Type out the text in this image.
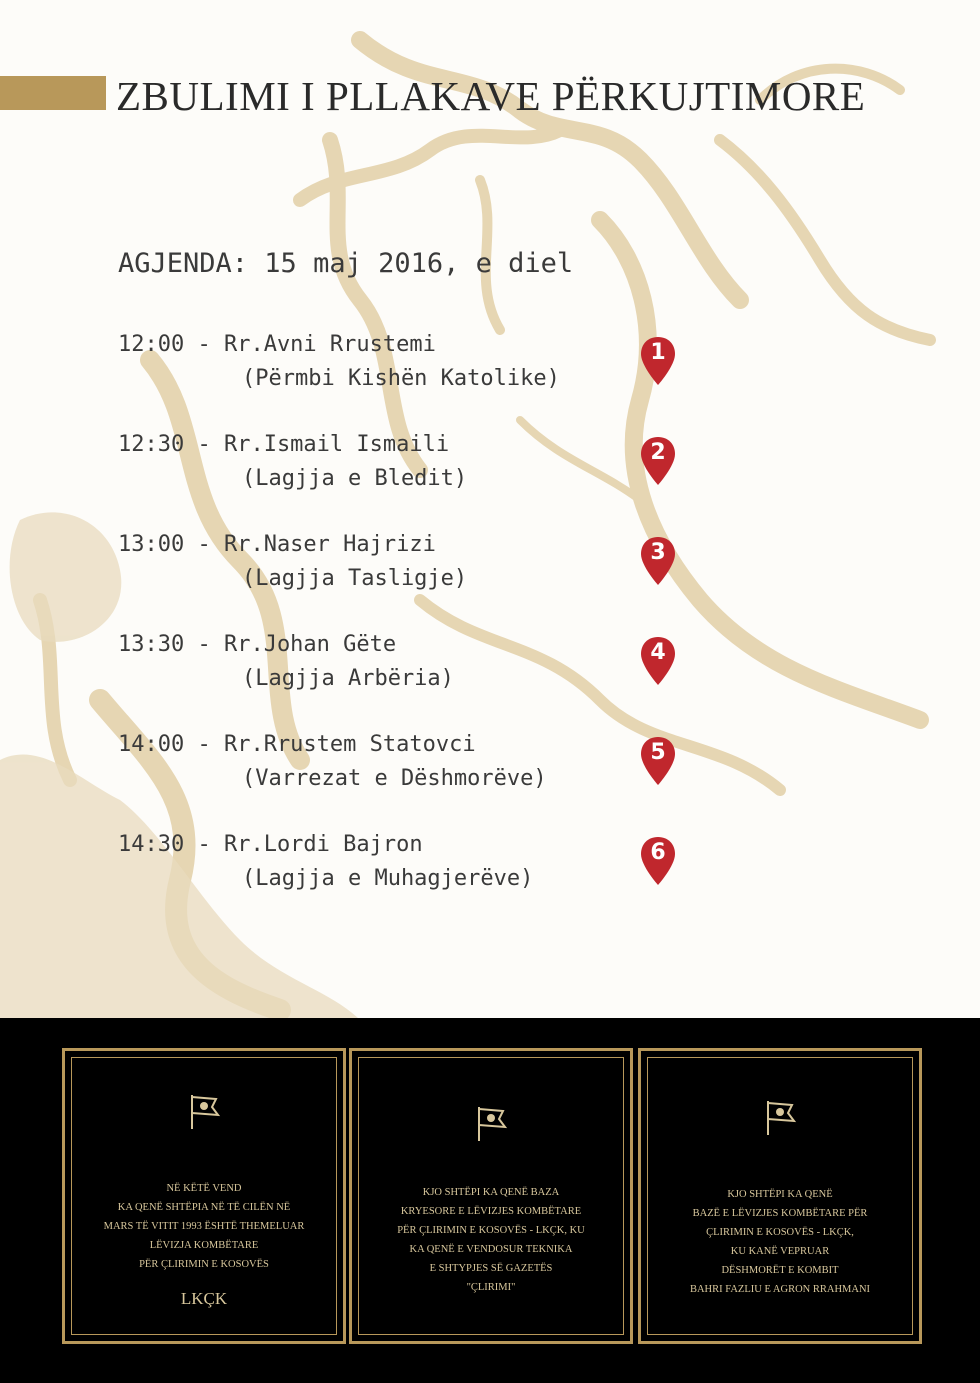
ZBULIMI I PLLAKAVE PËRKUJTIMORE
AGJENDA: 15 maj 2016, e diel
12:00 - Rr.Avni Rrustemi
(Përmbi Kishën Katolike)
1
12:30 - Rr.Ismail Ismaili
(Lagjja e Bledit)
2
13:00 - Rr.Naser Hajrizi
(Lagjja Tasligje)
3
13:30 - Rr.Johan Gëte
(Lagjja Arbëria)
4
14:00 - Rr.Rrustem Statovci
(Varrezat e Dëshmorëve)
5
14:30 - Rr.Lordi Bajron
(Lagjja e Muhagjerëve)
6
NË KËTË VEND
KA QENË SHTËPIA NË TË CILËN NË
MARS TË VITIT 1993 ËSHTË THEMELUAR
LËVIZJA KOMBËTARE
PËR ÇLIRIMIN E KOSOVËS
LKÇK
KJO SHTËPI KA QENË BAZA
KRYESORE E LËVIZJES KOMBËTARE
PËR ÇLIRIMIN E KOSOVËS - LKÇK, KU
KA QENË E VENDOSUR TEKNIKA
E SHTYPJES SË GAZETËS
"ÇLIRIMI"
KJO SHTËPI KA QENË
BAZË E LËVIZJES KOMBËTARE PËR
ÇLIRIMIN E KOSOVËS - LKÇK,
KU KANË VEPRUAR
DËSHMORËT E KOMBIT
BAHRI FAZLIU E AGRON RRAHMANI
